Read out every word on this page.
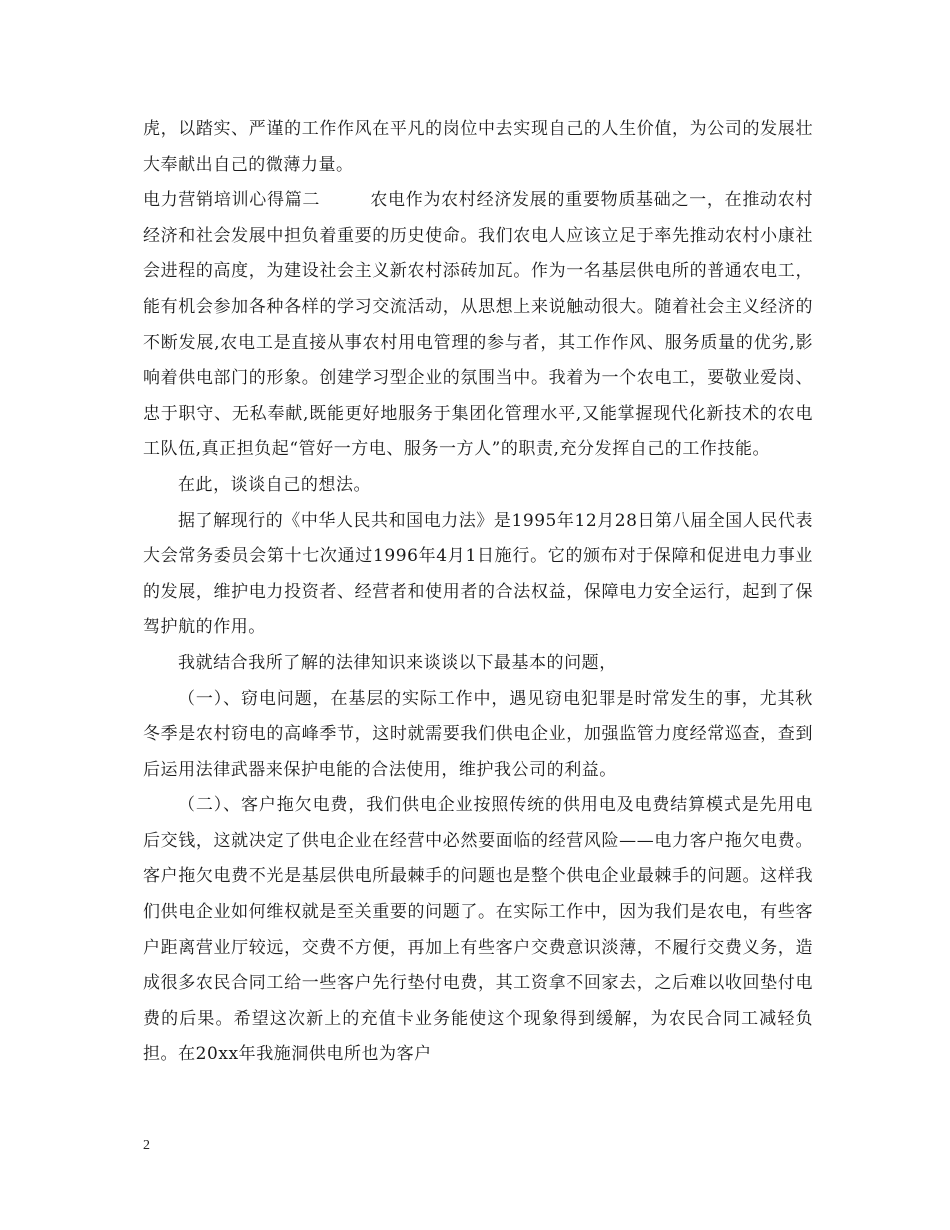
虎，以踏实、严谨的工作作风在平凡的岗位中去实现自己的人生价值，为公司的发展壮大奉献出自己的微薄力量。

电力营销培训心得篇二	农电作为农村经济发展的重要物质基础之一，在推动农村经济和社会发展中担负着重要的历史使命。我们农电人应该立足于率先推动农村小康社会进程的高度，为建设社会主义新农村添砖加瓦。作为一名基层供电所的普通农电工，能有机会参加各种各样的学习交流活动，从思想上来说触动很大。随着社会主义经济的不断发展,农电工是直接从事农村用电管理的参与者，其工作作风、服务质量的优劣,影响着供电部门的形象。创建学习型企业的氛围当中。我着为一个农电工，要敬业爱岗、忠于职守、无私奉献,既能更好地服务于集团化管理水平,又能掌握现代化新技术的农电工队伍,真正担负起“管好一方电、服务一方人”的职责,充分发挥自己的工作技能。

在此，谈谈自己的想法。

据了解现行的《中华人民共和国电力法》是1995年12月28日第八届全国人民代表大会常务委员会第十七次通过1996年4月1日施行。它的颁布对于保障和促进电力事业的发展，维护电力投资者、经营者和使用者的合法权益，保障电力安全运行，起到了保驾护航的作用。

我就结合我所了解的法律知识来谈谈以下最基本的问题，

（一）、窃电问题，在基层的实际工作中，遇见窃电犯罪是时常发生的事，尤其秋冬季是农村窃电的高峰季节，这时就需要我们供电企业，加强监管力度经常巡查，查到后运用法律武器来保护电能的合法使用，维护我公司的利益。

（二）、客户拖欠电费，我们供电企业按照传统的供用电及电费结算模式是先用电后交钱，这就决定了供电企业在经营中必然要面临的经营风险——电力客户拖欠电费。客户拖欠电费不光是基层供电所最棘手的问题也是整个供电企业最棘手的问题。这样我们供电企业如何维权就是至关重要的问题了。在实际工作中，因为我们是农电，有些客户距离营业厅较远，交费不方便，再加上有些客户交费意识淡薄，不履行交费义务，造成很多农民合同工给一些客户先行垫付电费，其工资拿不回家去，之后难以收回垫付电费的后果。希望这次新上的充值卡业务能使这个现象得到缓解，为农民合同工减轻负担。在20xx年我施洞供电所也为客户

2
